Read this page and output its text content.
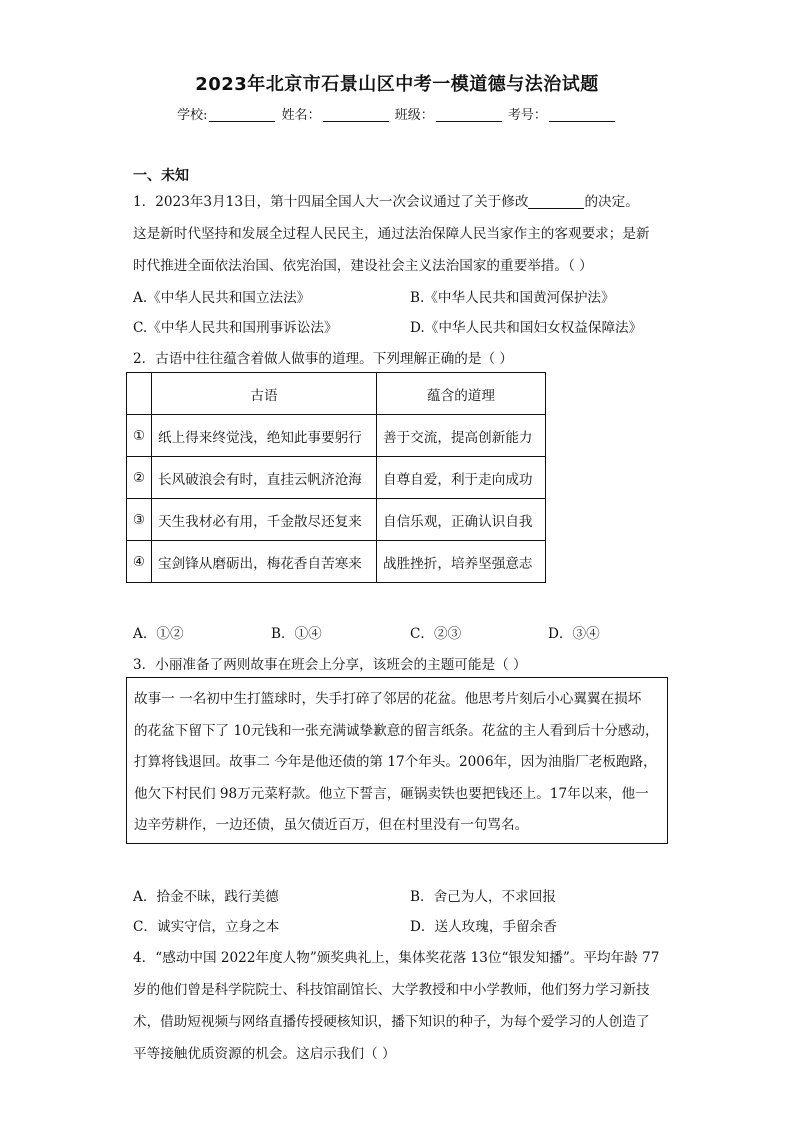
2023年北京市石景山区中考一模道德与法治试题
学校:	姓名：	班级：	考号：
一、未知
1．2023年3月13日，第十四届全国人大一次会议通过了关于修改	的决定。
这是新时代坚持和发展全过程人民民主，通过法治保障人民当家作主的客观要求；是新
时代推进全面依法治国、依宪治国，建设社会主义法治国家的重要举措。（ ）
A.《中华人民共和国立法法》	B.《中华人民共和国黄河保护法》
C.《中华人民共和国刑事诉讼法》	D.《中华人民共和国妇女权益保障法》
2．古语中往往蕴含着做人做事的道理。下列理解正确的是（ ）
	古语	蕴含的道理
①	纸上得来终觉浅，绝知此事要躬行	善于交流，提高创新能力
②	长风破浪会有时，直挂云帆济沧海	自尊自爱，利于走向成功
③	天生我材必有用，千金散尽还复来	自信乐观，正确认识自我
④	宝剑锋从磨砺出，梅花香自苦寒来	战胜挫折，培养坚强意志
A．①②	B．①④	C．②③	D．③④
3．小丽准备了两则故事在班会上分享，该班会的主题可能是（ ）
故事一 一名初中生打篮球时，失手打碎了邻居的花盆。他思考片刻后小心翼翼在损坏
的花盆下留下了 10元钱和一张充满诚挚歉意的留言纸条。花盆的主人看到后十分感动，
打算将钱退回。故事二 今年是他还债的第 17个年头。2006年，因为油脂厂老板跑路，
他欠下村民们 98万元菜籽款。他立下誓言，砸锅卖铁也要把钱还上。17年以来，他一
边辛劳耕作，一边还债，虽欠债近百万，但在村里没有一句骂名。
A．拾金不昧，践行美德	B．舍己为人，不求回报
C．诚实守信，立身之本	D．送人玫瑰，手留余香
4．“感动中国 2022年度人物”颁奖典礼上，集体奖花落 13位“银发知播”。平均年龄 77
岁的他们曾是科学院院士、科技馆副馆长、大学教授和中小学教师，他们努力学习新技
术，借助短视频与网络直播传授硬核知识，播下知识的种子，为每个爱学习的人创造了
平等接触优质资源的机会。这启示我们（ ）
